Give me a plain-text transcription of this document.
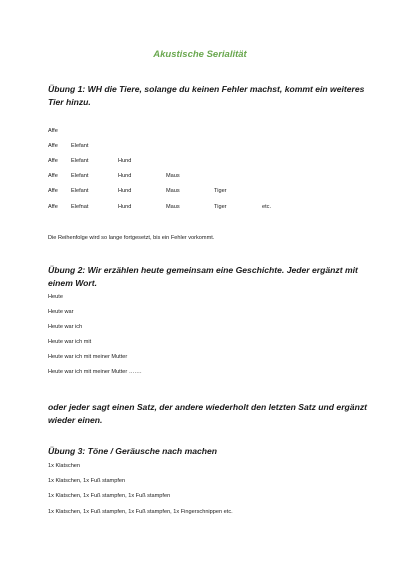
Akustische Serialität
Übung 1: WH die Tiere, solange du keinen Fehler machst, kommt ein weiteres Tier hinzu.
Affe
Affe Elefant
Affe Elefant	Hund
Affe Elefant	Hund	Maus
Affe Elefant	Hund	Maus	Tiger
Affe Elefnat	Hund	Maus	Tiger	etc.
Die Reihenfolge wird so lange fortgesetzt, bis ein Fehler vorkommt.
Übung 2: Wir erzählen heute gemeinsam eine Geschichte. Jeder ergänzt mit einem Wort.
Heute
Heute war
Heute war ich
Heute war ich mit
Heute war ich mit meiner Mutter
Heute war ich mit meiner Mutter …….
oder jeder sagt einen Satz, der andere wiederholt den letzten Satz und ergänzt wieder einen.
Übung 3: Töne / Geräusche nach machen
1x Klatschen
1x Klatschen, 1x Fuß stampfen
1x Klatschen, 1x Fuß stampfen, 1x Fuß stampfen
1x Klatschen, 1x Fuß stampfen, 1x Fuß stampfen, 1x Fingerschnippen etc.
